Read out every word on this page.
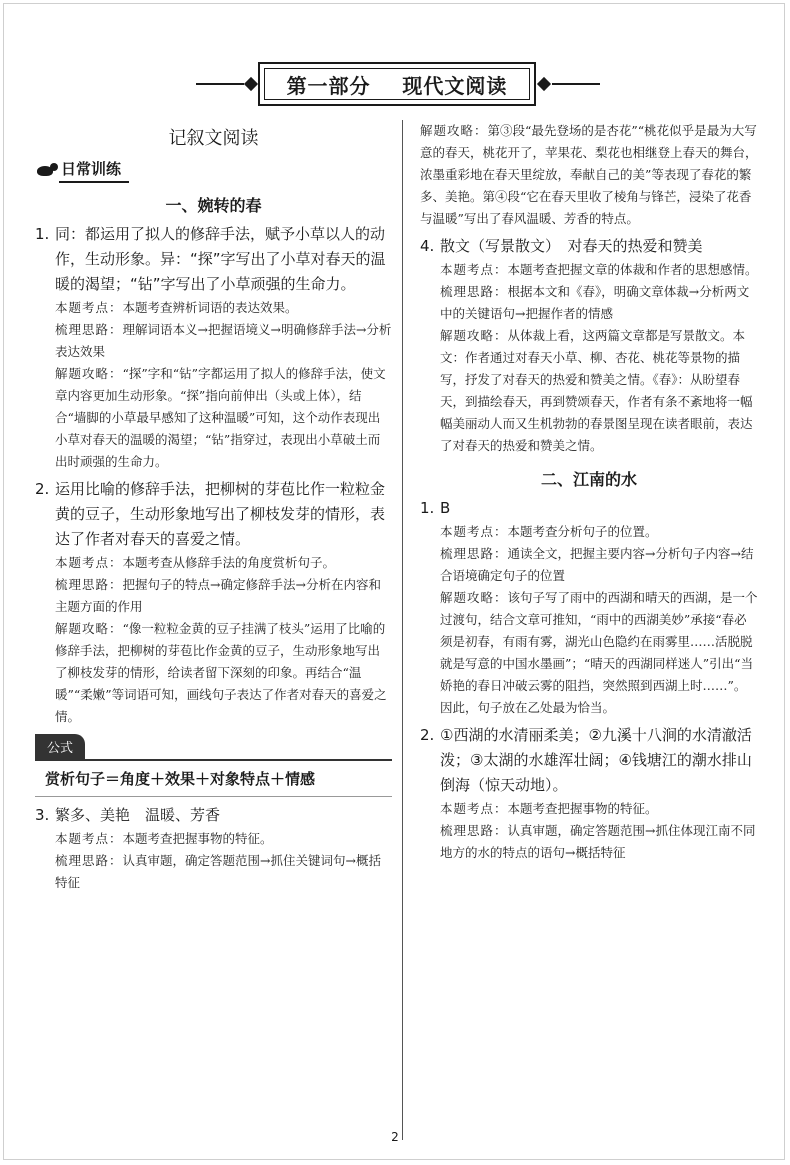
第一部分
现代文阅读
记叙文阅读
日常训练
一、婉转的春
1. 同：都运用了拟人的修辞手法，赋予小草以人的动作，生动形象。异：“探”字写出了小草对春天的温暖的渴望；“钻”字写出了小草顽强的生命力。
本题考点：本题考查辨析词语的表达效果。
梳理思路：理解词语本义→把握语境义→明确修辞手法→分析表达效果
解题攻略：“探”字和“钻”字都运用了拟人的修辞手法，使文章内容更加生动形象。“探”指向前伸出（头或上体），结合“墙脚的小草最早感知了这种温暖”可知，这个动作表现出小草对春天的温暖的渴望；“钻”指穿过，表现出小草破土而出时顽强的生命力。
2. 运用比喻的修辞手法，把柳树的芽苞比作一粒粒金黄的豆子，生动形象地写出了柳枝发芽的情形，表达了作者对春天的喜爱之情。
本题考点：本题考查从修辞手法的角度赏析句子。
梳理思路：把握句子的特点→确定修辞手法→分析在内容和主题方面的作用
解题攻略：“像一粒粒金黄的豆子挂满了枝头”运用了比喻的修辞手法，把柳树的芽苞比作金黄的豆子，生动形象地写出了柳枝发芽的情形，给读者留下深刻的印象。再结合“温暖”“柔嫩”等词语可知，画线句子表达了作者对春天的喜爱之情。
公式
赏析句子＝角度＋效果＋对象特点＋情感
3. 繁多、美艳　温暖、芳香
本题考点：本题考查把握事物的特征。
梳理思路：认真审题，确定答题范围→抓住关键词句→概括特征
解题攻略：第③段“最先登场的是杏花”“桃花似乎是最为大写意的春天，桃花开了，苹果花、梨花也相继登上春天的舞台，浓墨重彩地在春天里绽放，奉献自己的美”等表现了春花的繁多、美艳。第④段“它在春天里收了棱角与锋芒，浸染了花香与温暖”写出了春风温暖、芳香的特点。
4. 散文（写景散文）　对春天的热爱和赞美
本题考点：本题考查把握文章的体裁和作者的思想感情。
梳理思路：根据本文和《春》，明确文章体裁→分析两文中的关键语句→把握作者的情感
解题攻略：从体裁上看，这两篇文章都是写景散文。本文：作者通过对春天小草、柳、杏花、桃花等景物的描写，抒发了对春天的热爱和赞美之情。《春》：从盼望春天，到描绘春天，再到赞颂春天，作者有条不紊地将一幅幅美丽动人而又生机勃勃的春景图呈现在读者眼前，表达了对春天的热爱和赞美之情。
二、江南的水
1. B
本题考点：本题考查分析句子的位置。
梳理思路：通读全文，把握主要内容→分析句子内容→结合语境确定句子的位置
解题攻略：该句子写了雨中的西湖和晴天的西湖，是一个过渡句，结合文章可推知，“雨中的西湖美妙”承接“春必须是初春，有雨有雾，湖光山色隐约在雨雾里……活脱脱就是写意的中国水墨画”；“晴天的西湖同样迷人”引出“当娇艳的春日冲破云雾的阻挡，突然照到西湖上时……”。因此，句子放在乙处最为恰当。
2. ①西湖的水清丽柔美；②九溪十八涧的水清澈活泼；③太湖的水雄浑壮阔；④钱塘江的潮水排山倒海（惊天动地）。
本题考点：本题考查把握事物的特征。
梳理思路：认真审题，确定答题范围→抓住体现江南不同地方的水的特点的语句→概括特征
2
